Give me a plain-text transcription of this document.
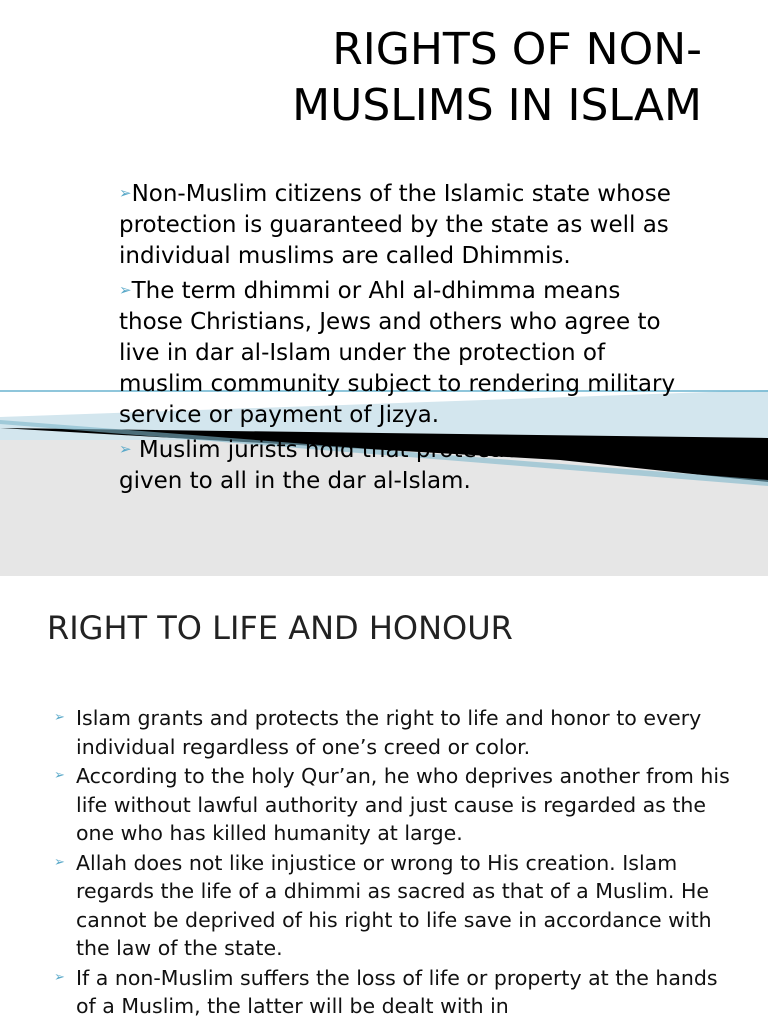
RIGHTS OF NON-
MUSLIMS IN ISLAM
➢Non-Muslim citizens of the Islamic state whose protection is guaranteed by the state as well as individual muslims are called Dhimmis.
➢The term dhimmi or Ahl al-dhimma means those Christians, Jews and others who agree to live in dar al-Islam under the protection of muslim community subject to rendering military service or payment of Jizya.
➢ Muslim jurists hold that protection can be given to all in the dar al-Islam.
RIGHT TO LIFE AND HONOUR
➢ Islam grants and protects the right to life and honor to every individual regardless of one’s creed or color.
➢ According to the holy Qur’an, he who deprives another from his life without lawful authority and just cause is regarded as the one who has killed humanity at large.
➢ Allah does not like injustice or wrong to His creation. Islam regards the life of a dhimmi as sacred as that of a Muslim. He cannot be deprived of his right to life save in accordance with the law of the state.
➢ If a non-Muslim suffers the loss of life or property at the hands of a Muslim, the latter will be dealt with in
